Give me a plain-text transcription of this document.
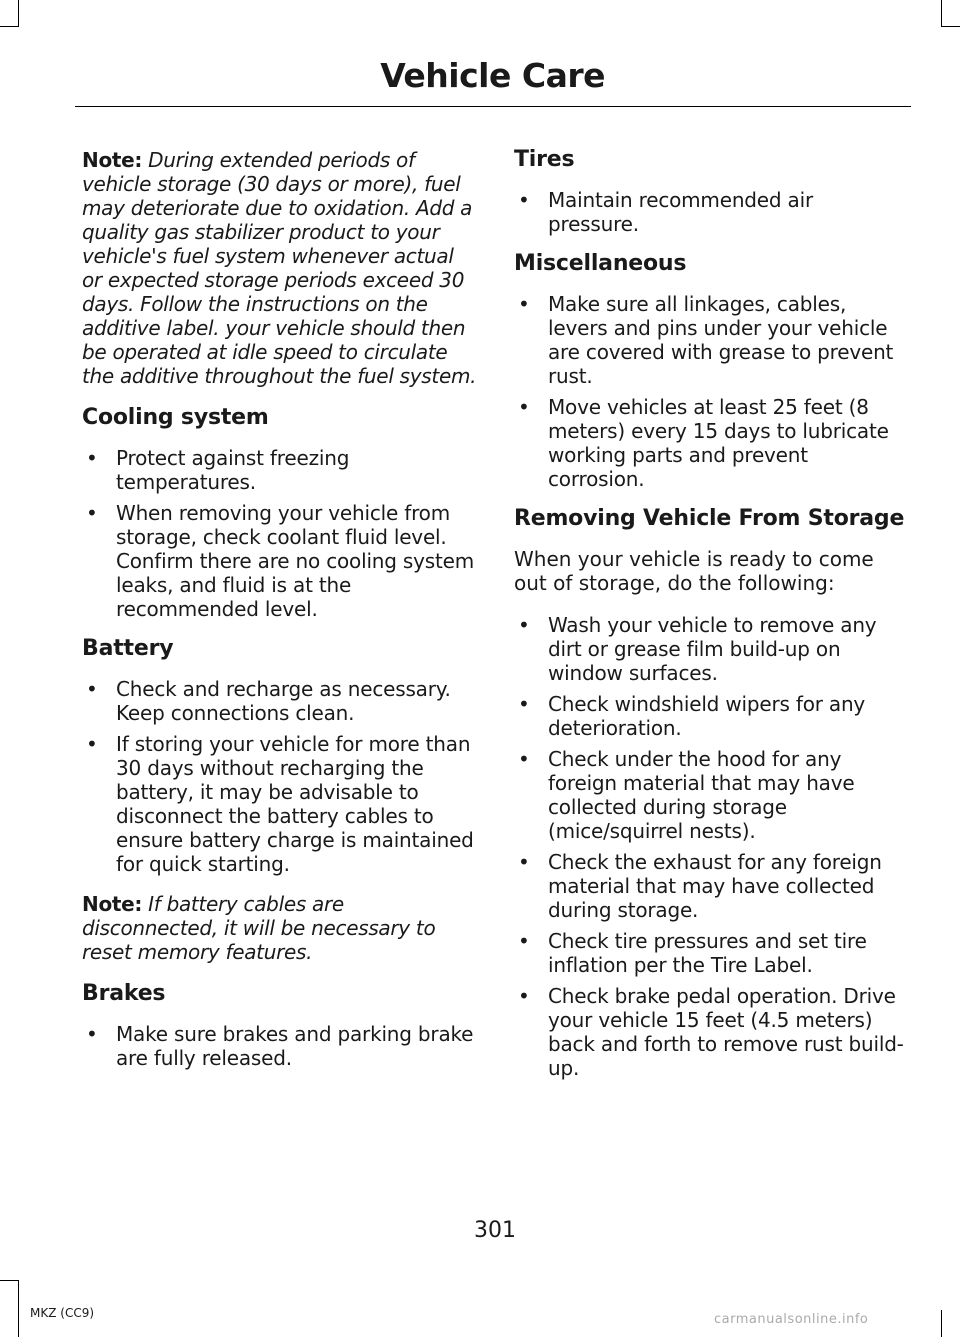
Vehicle Care

Note: During extended periods of vehicle storage (30 days or more), fuel may deteriorate due to oxidation. Add a quality gas stabilizer product to your vehicle's fuel system whenever actual or expected storage periods exceed 30 days. Follow the instructions on the additive label. your vehicle should then be operated at idle speed to circulate the additive throughout the fuel system.

Cooling system
• Protect against freezing temperatures.
• When removing your vehicle from storage, check coolant fluid level. Confirm there are no cooling system leaks, and fluid is at the recommended level.
Battery
• Check and recharge as necessary. Keep connections clean.
• If storing your vehicle for more than 30 days without recharging the battery, it may be advisable to disconnect the battery cables to ensure battery charge is maintained for quick starting.

Note: If battery cables are disconnected, it will be necessary to reset memory features.

Brakes
• Make sure brakes and parking brake are fully released.
Tires
• Maintain recommended air pressure.
Miscellaneous
• Make sure all linkages, cables, levers and pins under your vehicle are covered with grease to prevent rust.
• Move vehicles at least 25 feet (8 meters) every 15 days to lubricate working parts and prevent corrosion.
Removing Vehicle From Storage

When your vehicle is ready to come out of storage, do the following:

• Wash your vehicle to remove any dirt or grease film build-up on window surfaces.
• Check windshield wipers for any deterioration.
• Check under the hood for any foreign material that may have collected during storage (mice/squirrel nests).
• Check the exhaust for any foreign material that may have collected during storage.
• Check tire pressures and set tire inflation per the Tire Label.
• Check brake pedal operation. Drive your vehicle 15 feet (4.5 meters) back and forth to remove rust build-up.
301
MKZ (CC9)	carmanualsonline.info
